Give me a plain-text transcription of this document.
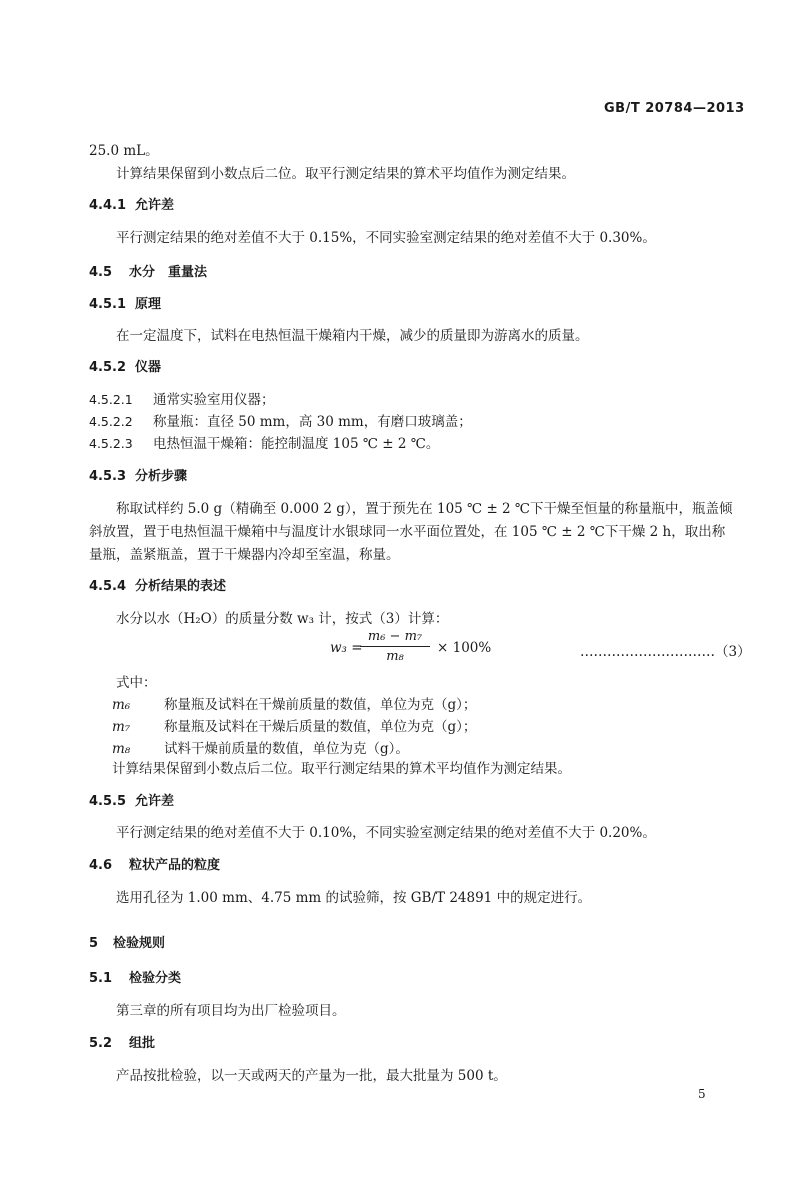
GB/T 20784—2013
25.0 mL。
计算结果保留到小数点后二位。取平行测定结果的算术平均值作为测定结果。
4.4.1 允许差
平行测定结果的绝对差值不大于 0.15%，不同实验室测定结果的绝对差值不大于 0.30%。
4.5 水分　重量法
4.5.1 原理
在一定温度下，试料在电热恒温干燥箱内干燥，减少的质量即为游离水的质量。
4.5.2 仪器
4.5.2.1 通常实验室用仪器；
4.5.2.2 称量瓶：直径 50 mm，高 30 mm，有磨口玻璃盖；
4.5.2.3 电热恒温干燥箱：能控制温度 105 ℃ ± 2 ℃。
4.5.3 分析步骤
称取试样约 5.0 g（精确至 0.000 2 g），置于预先在 105 ℃ ± 2 ℃下干燥至恒量的称量瓶中，瓶盖倾
斜放置，置于电热恒温干燥箱中与温度计水银球同一水平面位置处，在 105 ℃ ± 2 ℃下干燥 2 h，取出称
量瓶，盖紧瓶盖，置于干燥器内冷却至室温，称量。
4.5.4 分析结果的表述
水分以水（H₂O）的质量分数 w₃ 计，按式（3）计算：
w₃ =
m₆ − m₇
m₈
× 100%	…………………………（3）
式中：
m₆	称量瓶及试料在干燥前质量的数值，单位为克（g）；
m₇	称量瓶及试料在干燥后质量的数值，单位为克（g）；
m₈	试料干燥前质量的数值，单位为克（g）。
计算结果保留到小数点后二位。取平行测定结果的算术平均值作为测定结果。
4.5.5 允许差
平行测定结果的绝对差值不大于 0.10%，不同实验室测定结果的绝对差值不大于 0.20%。
4.6 粒状产品的粒度
选用孔径为 1.00 mm、4.75 mm 的试验筛，按 GB/T 24891 中的规定进行。
5 检验规则
5.1 检验分类
第三章的所有项目均为出厂检验项目。
5.2 组批
产品按批检验，以一天或两天的产量为一批，最大批量为 500 t。
5
